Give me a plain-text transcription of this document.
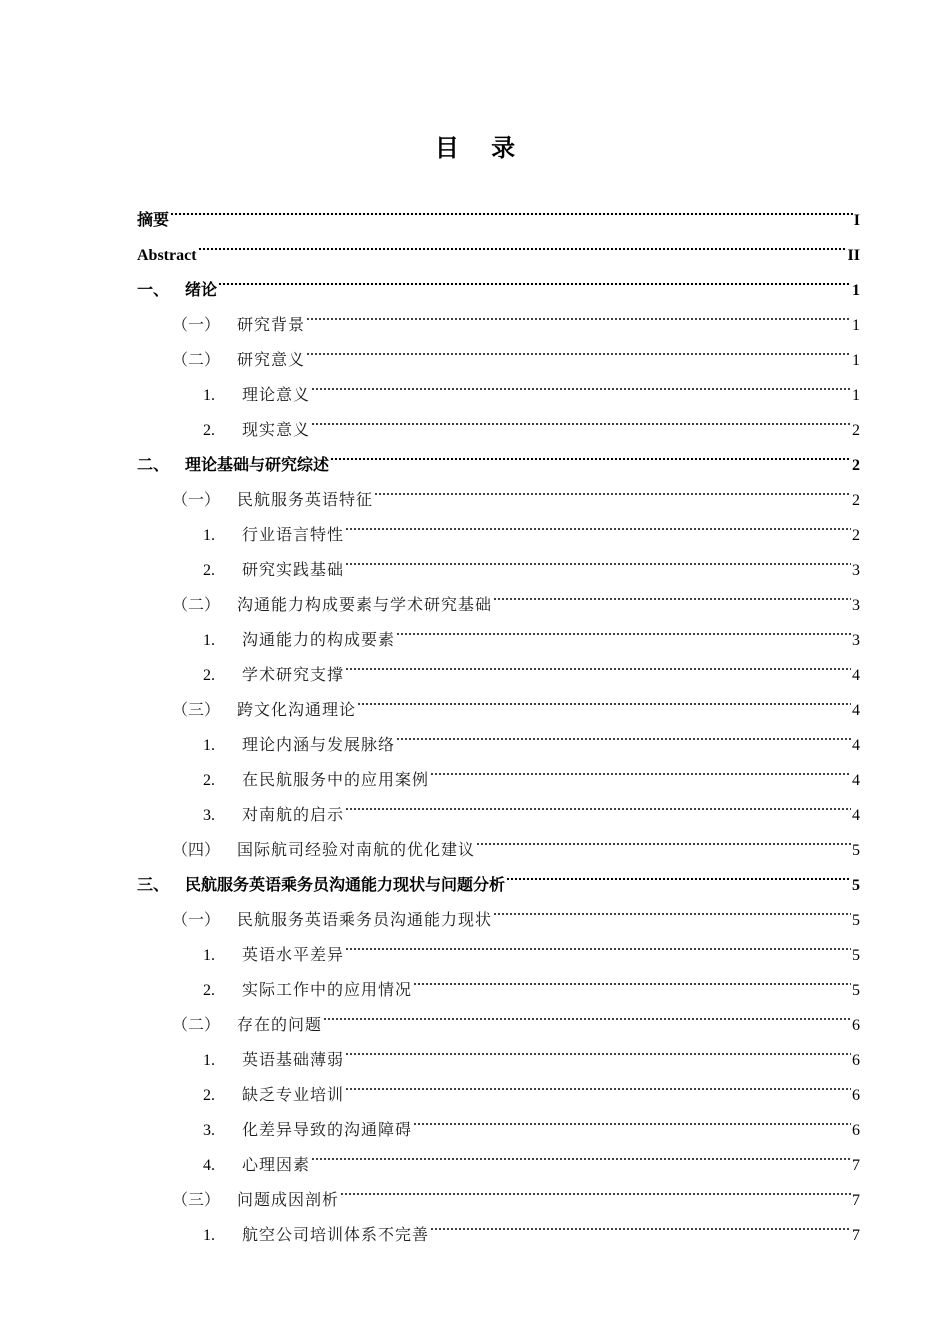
目 录
摘要	I
Abstract	II
一、 绪论	1
（一）	研究背景	1
（二）	研究意义	1
1.	理论意义	1
2.	现实意义	2
二、 理论基础与研究综述	2
（一）	民航服务英语特征	2
1.	行业语言特性	2
2.	研究实践基础	3
（二）	沟通能力构成要素与学术研究基础	3
1.	沟通能力的构成要素	3
2.	学术研究支撑	4
（三）	跨文化沟通理论	4
1.	理论内涵与发展脉络	4
2.	在民航服务中的应用案例	4
3.	对南航的启示	4
（四）	国际航司经验对南航的优化建议	5
三、 民航服务英语乘务员沟通能力现状与问题分析	5
（一）	民航服务英语乘务员沟通能力现状	5
1.	英语水平差异	5
2.	实际工作中的应用情况	5
（二）	存在的问题	6
1.	英语基础薄弱	6
2.	缺乏专业培训	6
3.	化差异导致的沟通障碍	6
4.	心理因素	7
（三）	问题成因剖析	7
1.	航空公司培训体系不完善	7
